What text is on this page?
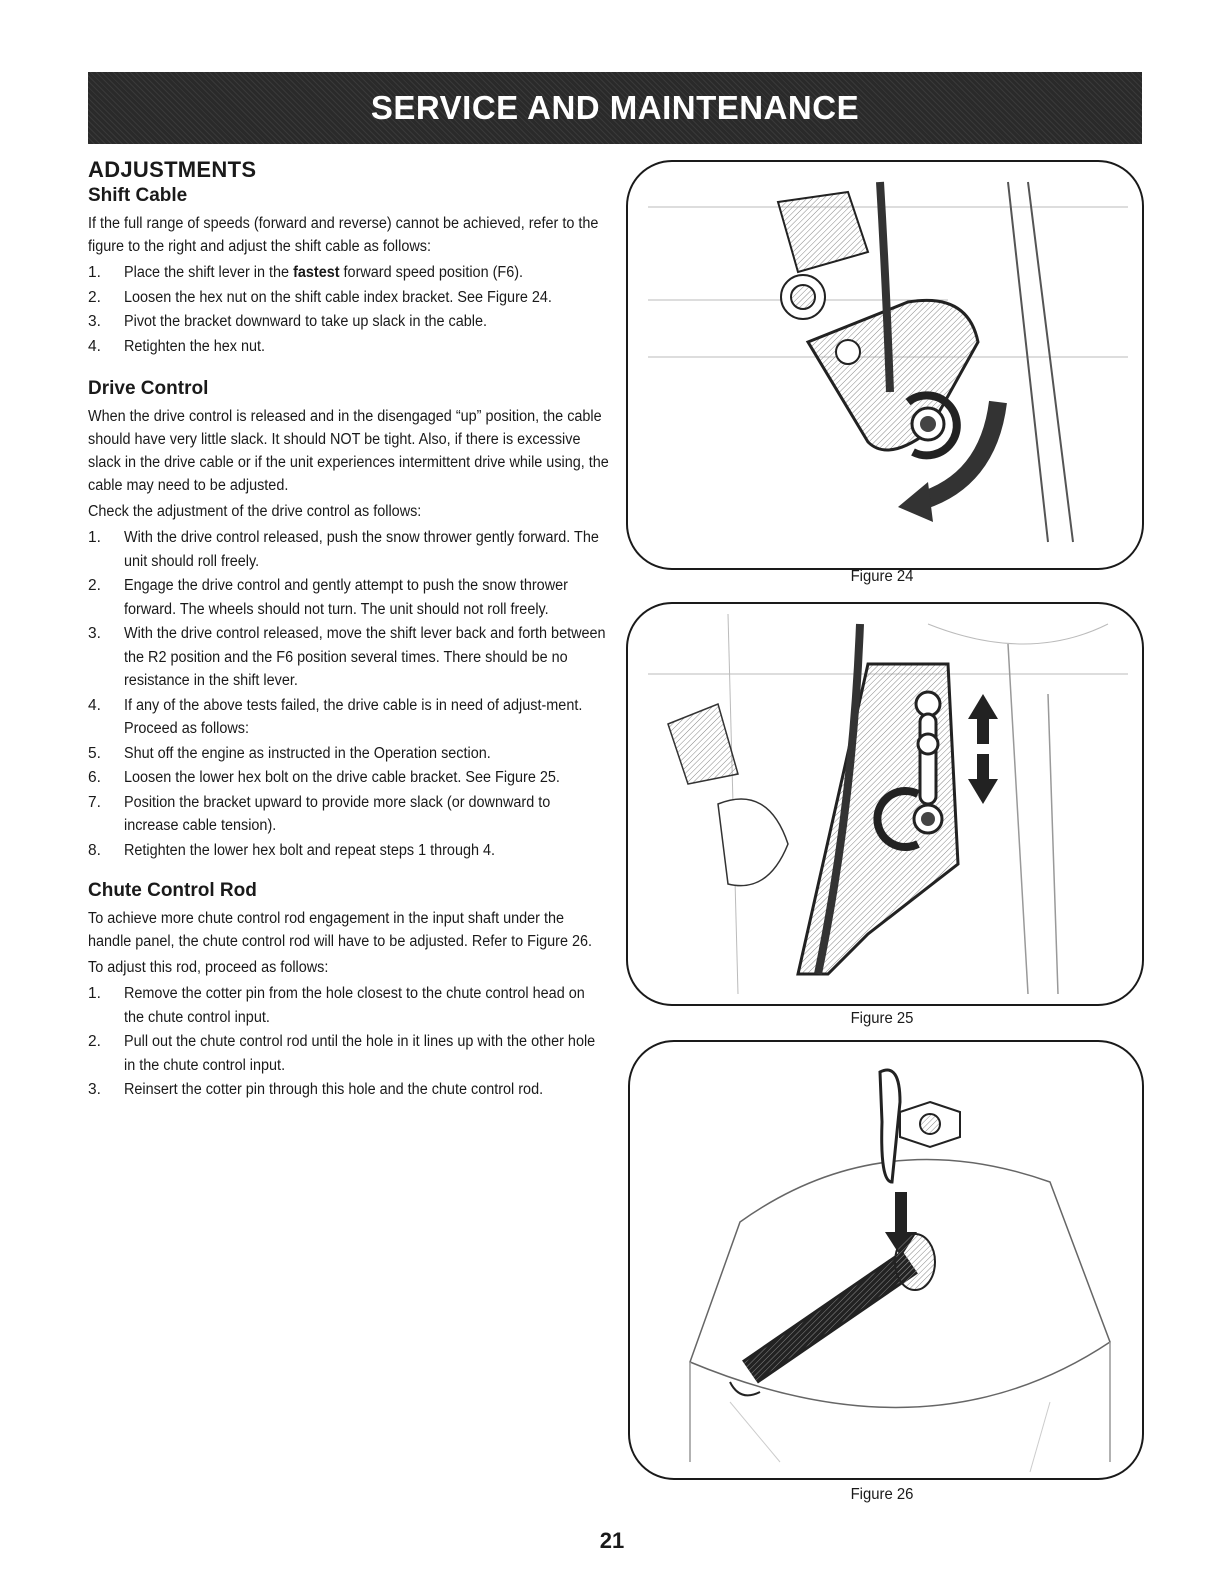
SERVICE AND MAINTENANCE
ADJUSTMENTS
Shift Cable

If the full range of speeds (forward and reverse) cannot be achieved, refer to the figure to the right and adjust the shift cable as follows:

1. Place the shift lever in the fastest forward speed position (F6).
2. Loosen the hex nut on the shift cable index bracket. See Figure 24.
3. Pivot the bracket downward to take up slack in the cable.
4. Retighten the hex nut.
Drive Control

When the drive control is released and in the disengaged “up” position, the cable should have very little slack. It should NOT be tight. Also, if there is excessive slack in the drive cable or if the unit experiences intermittent drive while using, the cable may need to be adjusted.

Check the adjustment of the drive control as follows:

1. With the drive control released, push the snow thrower gently forward. The unit should roll freely.
2. Engage the drive control and gently attempt to push the snow thrower forward. The wheels should not turn. The unit should not roll freely.
3. With the drive control released, move the shift lever back and forth between the R2 position and the F6 position several times. There should be no resistance in the shift lever.
4. If any of the above tests failed, the drive cable is in need of adjust-ment. Proceed as follows:
5. Shut off the engine as instructed in the Operation section.
6. Loosen the lower hex bolt on the drive cable bracket. See Figure 25.
7. Position the bracket upward to provide more slack (or downward to increase cable tension).
8. Retighten the lower hex bolt and repeat steps 1 through 4.
Chute Control Rod

To achieve more chute control rod engagement in the input shaft under the handle panel, the chute control rod will have to be adjusted. Refer to Figure 26.

To adjust this rod, proceed as follows:

1. Remove the cotter pin from the hole closest to the chute control head on the chute control input.
2. Pull out the chute control rod until the hole in it lines up with the other hole in the chute control input.
3. Reinsert the cotter pin through this hole and the chute control rod.
Figure 24
Figure 25
Figure 26
21
